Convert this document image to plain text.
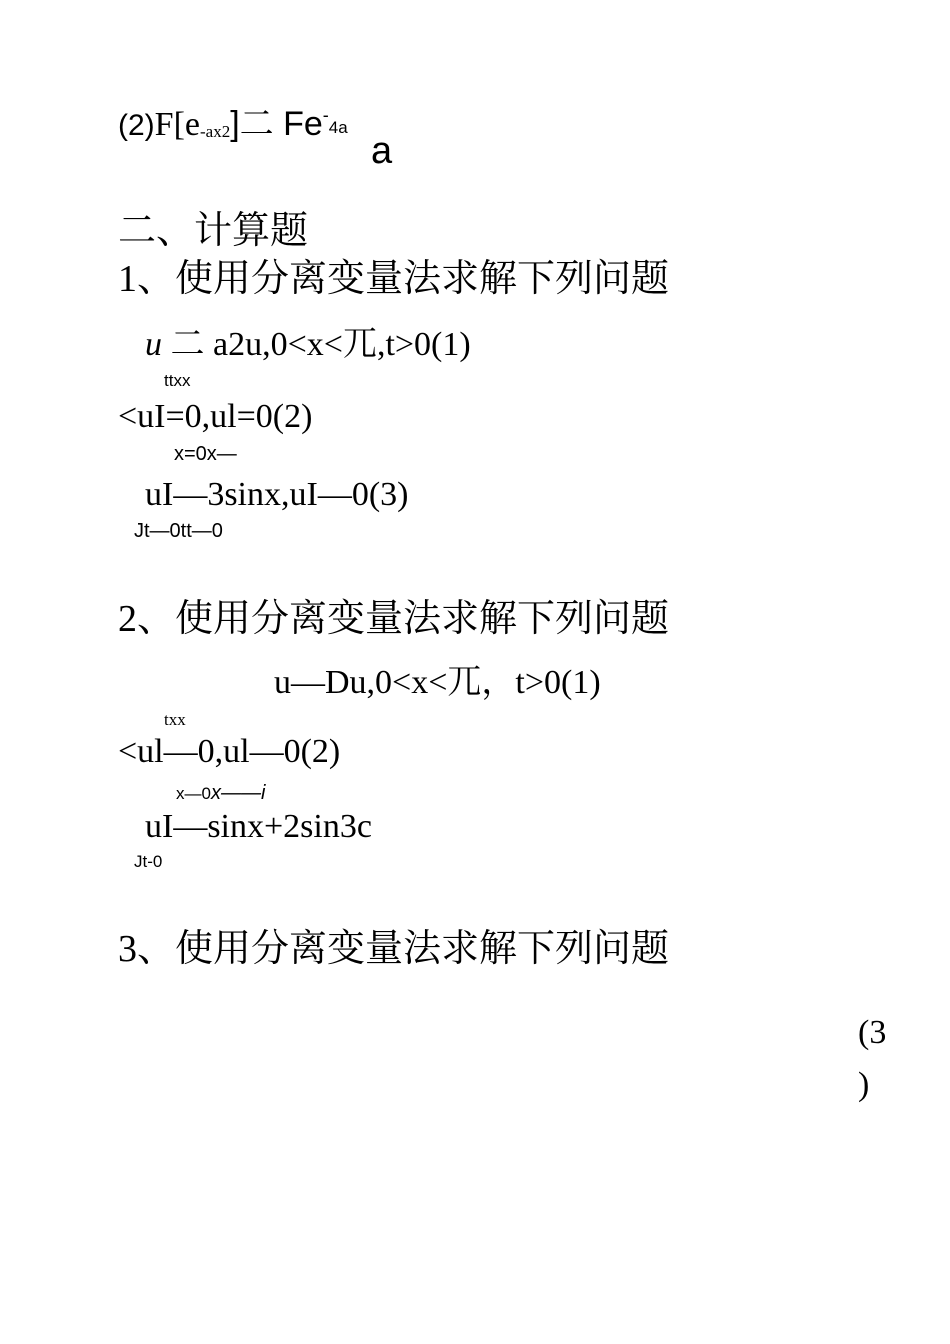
(2)F[e-ax2]二 Fe-4a
a
二、计算题
1、使用分离变量法求解下列问题
u 二 a2u,0<x<兀,t>0(1)
ttxx
<uI=0,ul=0(2)
x=0x—
uI—3sinx,uI—0(3)
Jt—0tt—0
2、使用分离变量法求解下列问题
u—Du,0<x<兀，t>0(1)
txx
<ul—0,ul—0(2)
x—0x——i
uI—sinx+2sin3c
Jt-0
3、使用分离变量法求解下列问题
(3
)
